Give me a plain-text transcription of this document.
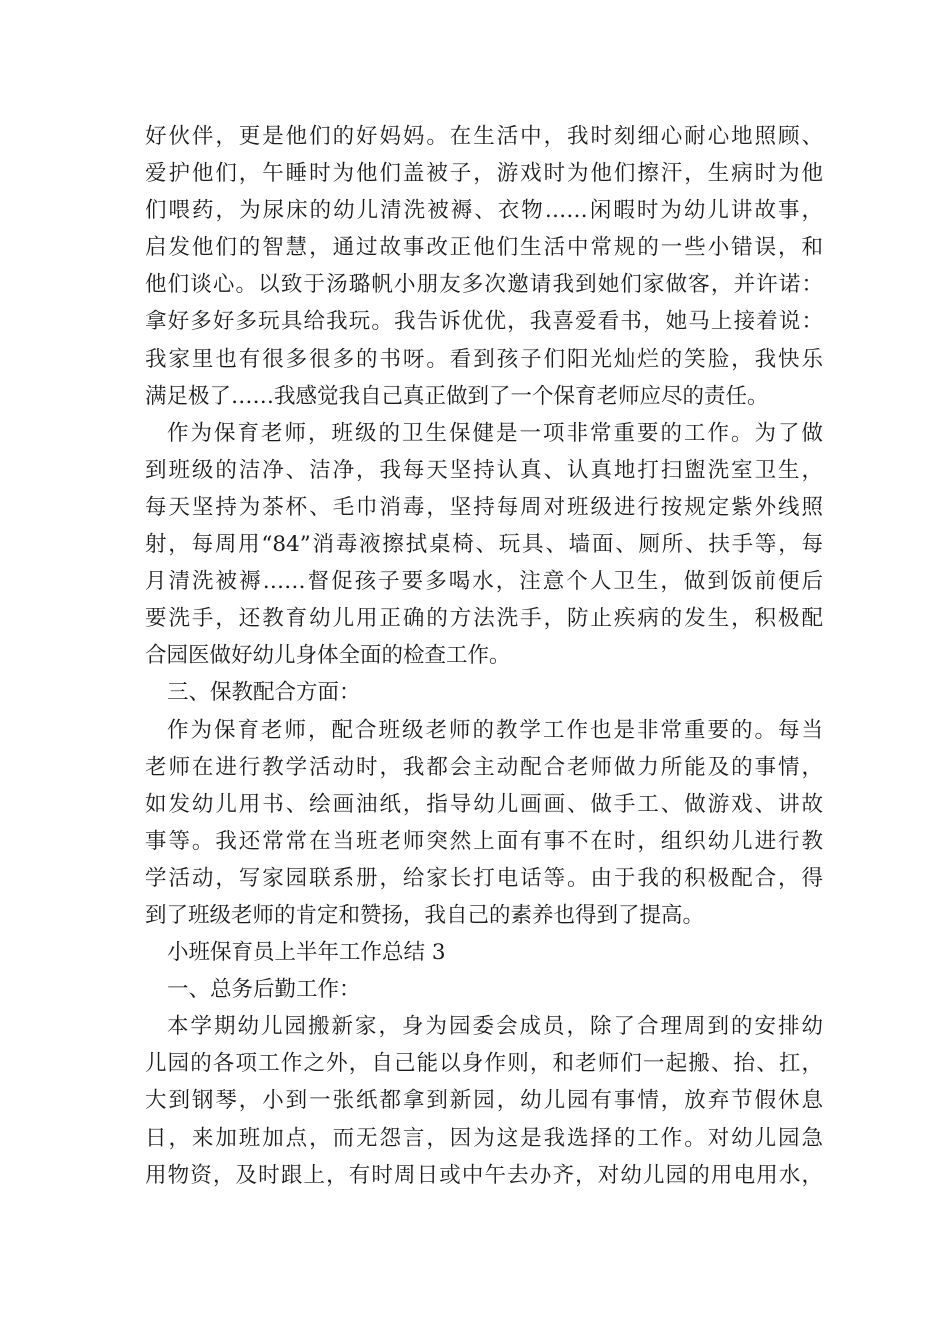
好伙伴，更是他们的好妈妈。在生活中，我时刻细心耐心地照顾、
爱护他们，午睡时为他们盖被子，游戏时为他们擦汗，生病时为他
们喂药，为尿床的幼儿清洗被褥、衣物……闲暇时为幼儿讲故事，
启发他们的智慧，通过故事改正他们生活中常规的一些小错误，和
他们谈心。以致于汤璐帆小朋友多次邀请我到她们家做客，并许诺：
拿好多好多玩具给我玩。我告诉优优，我喜爱看书，她马上接着说：
我家里也有很多很多的书呀。看到孩子们阳光灿烂的笑脸，我快乐
满足极了……我感觉我自己真正做到了一个保育老师应尽的责任。
作为保育老师，班级的卫生保健是一项非常重要的工作。为了做
到班级的洁净、洁净，我每天坚持认真、认真地打扫盥洗室卫生，
每天坚持为茶杯、毛巾消毒，坚持每周对班级进行按规定紫外线照
射，每周用“84”消毒液擦拭桌椅、玩具、墙面、厕所、扶手等，每
月清洗被褥……督促孩子要多喝水，注意个人卫生，做到饭前便后
要洗手，还教育幼儿用正确的方法洗手，防止疾病的发生，积极配
合园医做好幼儿身体全面的检查工作。
三、保教配合方面：
作为保育老师，配合班级老师的教学工作也是非常重要的。每当
老师在进行教学活动时，我都会主动配合老师做力所能及的事情，
如发幼儿用书、绘画油纸，指导幼儿画画、做手工、做游戏、讲故
事等。我还常常在当班老师突然上面有事不在时，组织幼儿进行教
学活动，写家园联系册，给家长打电话等。由于我的积极配合，得
到了班级老师的肯定和赞扬，我自己的素养也得到了提高。
小班保育员上半年工作总结 3
一、总务后勤工作：
本学期幼儿园搬新家，身为园委会成员，除了合理周到的安排幼
儿园的各项工作之外，自己能以身作则，和老师们一起搬、抬、扛，
大到钢琴，小到一张纸都拿到新园，幼儿园有事情，放弃节假休息
日，来加班加点，而无怨言，因为这是我选择的工作。对幼儿园急
用物资，及时跟上，有时周日或中午去办齐，对幼儿园的用电用水，
